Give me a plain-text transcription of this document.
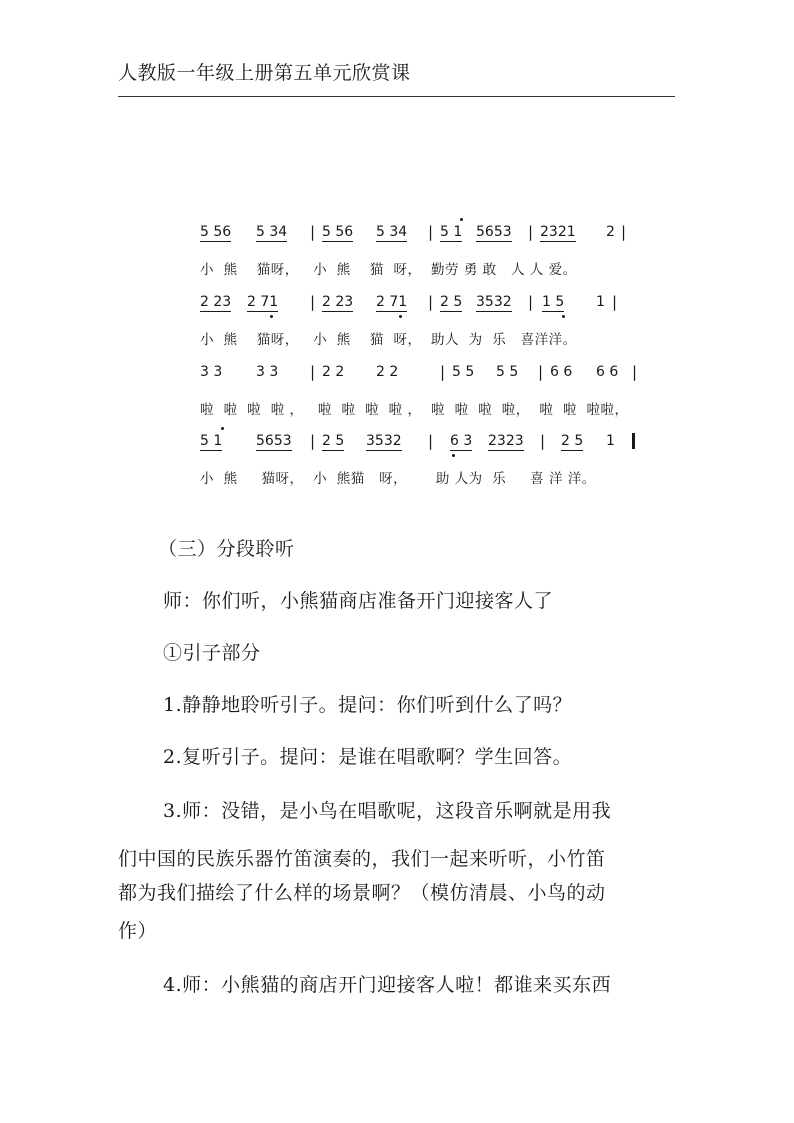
人教版一年级上册第五单元欣赏课
5 56 5 34 | 5 56 5 34 | 5 1 5653 | 2321 2 |
小  熊    猫呀，   小  熊    猫  呀，  勤劳 勇 敢   人 人 爱。
2 23 2 71 | 2 23 2 71 | 2 5 3532 | 1 5 1 |
小  熊    猫呀，   小  熊    猫  呀，  助人  为  乐   喜洋洋。
3 3 3 3 | 2 2 2 2	| 5 5 5 5 | 6 6 6 6 |
啦  啦  啦  啦 ，   啦  啦  啦  啦 ，  啦  啦  啦  啦，  啦  啦  啦啦，
5 1 5653 | 2 5 3532 | 6 3 2323 | 2 5 1
小  熊     猫呀，  小  熊猫   呀，      助 人为  乐     喜 洋 洋。
（三）分段聆听
师：你们听，小熊猫商店准备开门迎接客人了
①引子部分
1.静静地聆听引子。提问：你们听到什么了吗？
2.复听引子。提问：是谁在唱歌啊？学生回答。
3.师：没错，是小鸟在唱歌呢，这段音乐啊就是用我
们中国的民族乐器竹笛演奏的，我们一起来听听，小竹笛
都为我们描绘了什么样的场景啊？（模仿清晨、小鸟的动
作）
4.师：小熊猫的商店开门迎接客人啦！都谁来买东西
